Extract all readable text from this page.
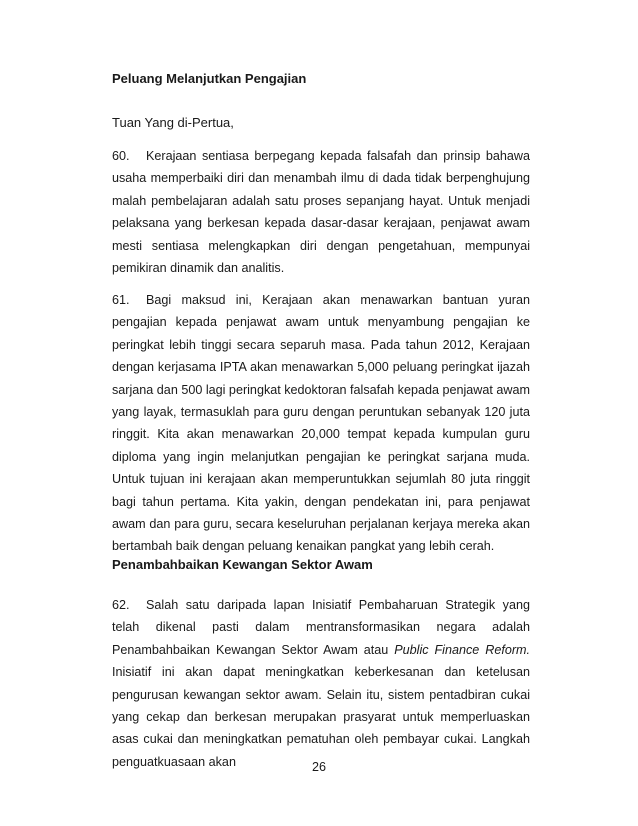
Peluang Melanjutkan Pengajian

Tuan Yang di-Pertua,

60. Kerajaan sentiasa berpegang kepada falsafah dan prinsip bahawa usaha memperbaiki diri dan menambah ilmu di dada tidak berpenghujung malah pembelajaran adalah satu proses sepanjang hayat. Untuk menjadi pelaksana yang berkesan kepada dasar-dasar kerajaan, penjawat awam mesti sentiasa melengkapkan diri dengan pengetahuan, mempunyai pemikiran dinamik dan analitis.

61. Bagi maksud ini, Kerajaan akan menawarkan bantuan yuran pengajian kepada penjawat awam untuk menyambung pengajian ke peringkat lebih tinggi secara separuh masa. Pada tahun 2012, Kerajaan dengan kerjasama IPTA akan menawarkan 5,000 peluang peringkat ijazah sarjana dan 500 lagi peringkat kedoktoran falsafah kepada penjawat awam yang layak, termasuklah para guru dengan peruntukan sebanyak 120 juta ringgit. Kita akan menawarkan 20,000 tempat kepada kumpulan guru diploma yang ingin melanjutkan pengajian ke peringkat sarjana muda. Untuk tujuan ini kerajaan akan memperuntukkan sejumlah 80 juta ringgit bagi tahun pertama. Kita yakin, dengan pendekatan ini, para penjawat awam dan para guru, secara keseluruhan perjalanan kerjaya mereka akan bertambah baik dengan peluang kenaikan pangkat yang lebih cerah.

Penambahbaikan Kewangan Sektor Awam

62. Salah satu daripada lapan Inisiatif Pembaharuan Strategik yang telah dikenal pasti dalam mentransformasikan negara adalah Penambahbaikan Kewangan Sektor Awam atau Public Finance Reform. Inisiatif ini akan dapat meningkatkan keberkesanan dan ketelusan pengurusan kewangan sektor awam. Selain itu, sistem pentadbiran cukai yang cekap dan berkesan merupakan prasyarat untuk memperluaskan asas cukai dan meningkatkan pematuhan oleh pembayar cukai. Langkah penguatkuasaan akan	26
